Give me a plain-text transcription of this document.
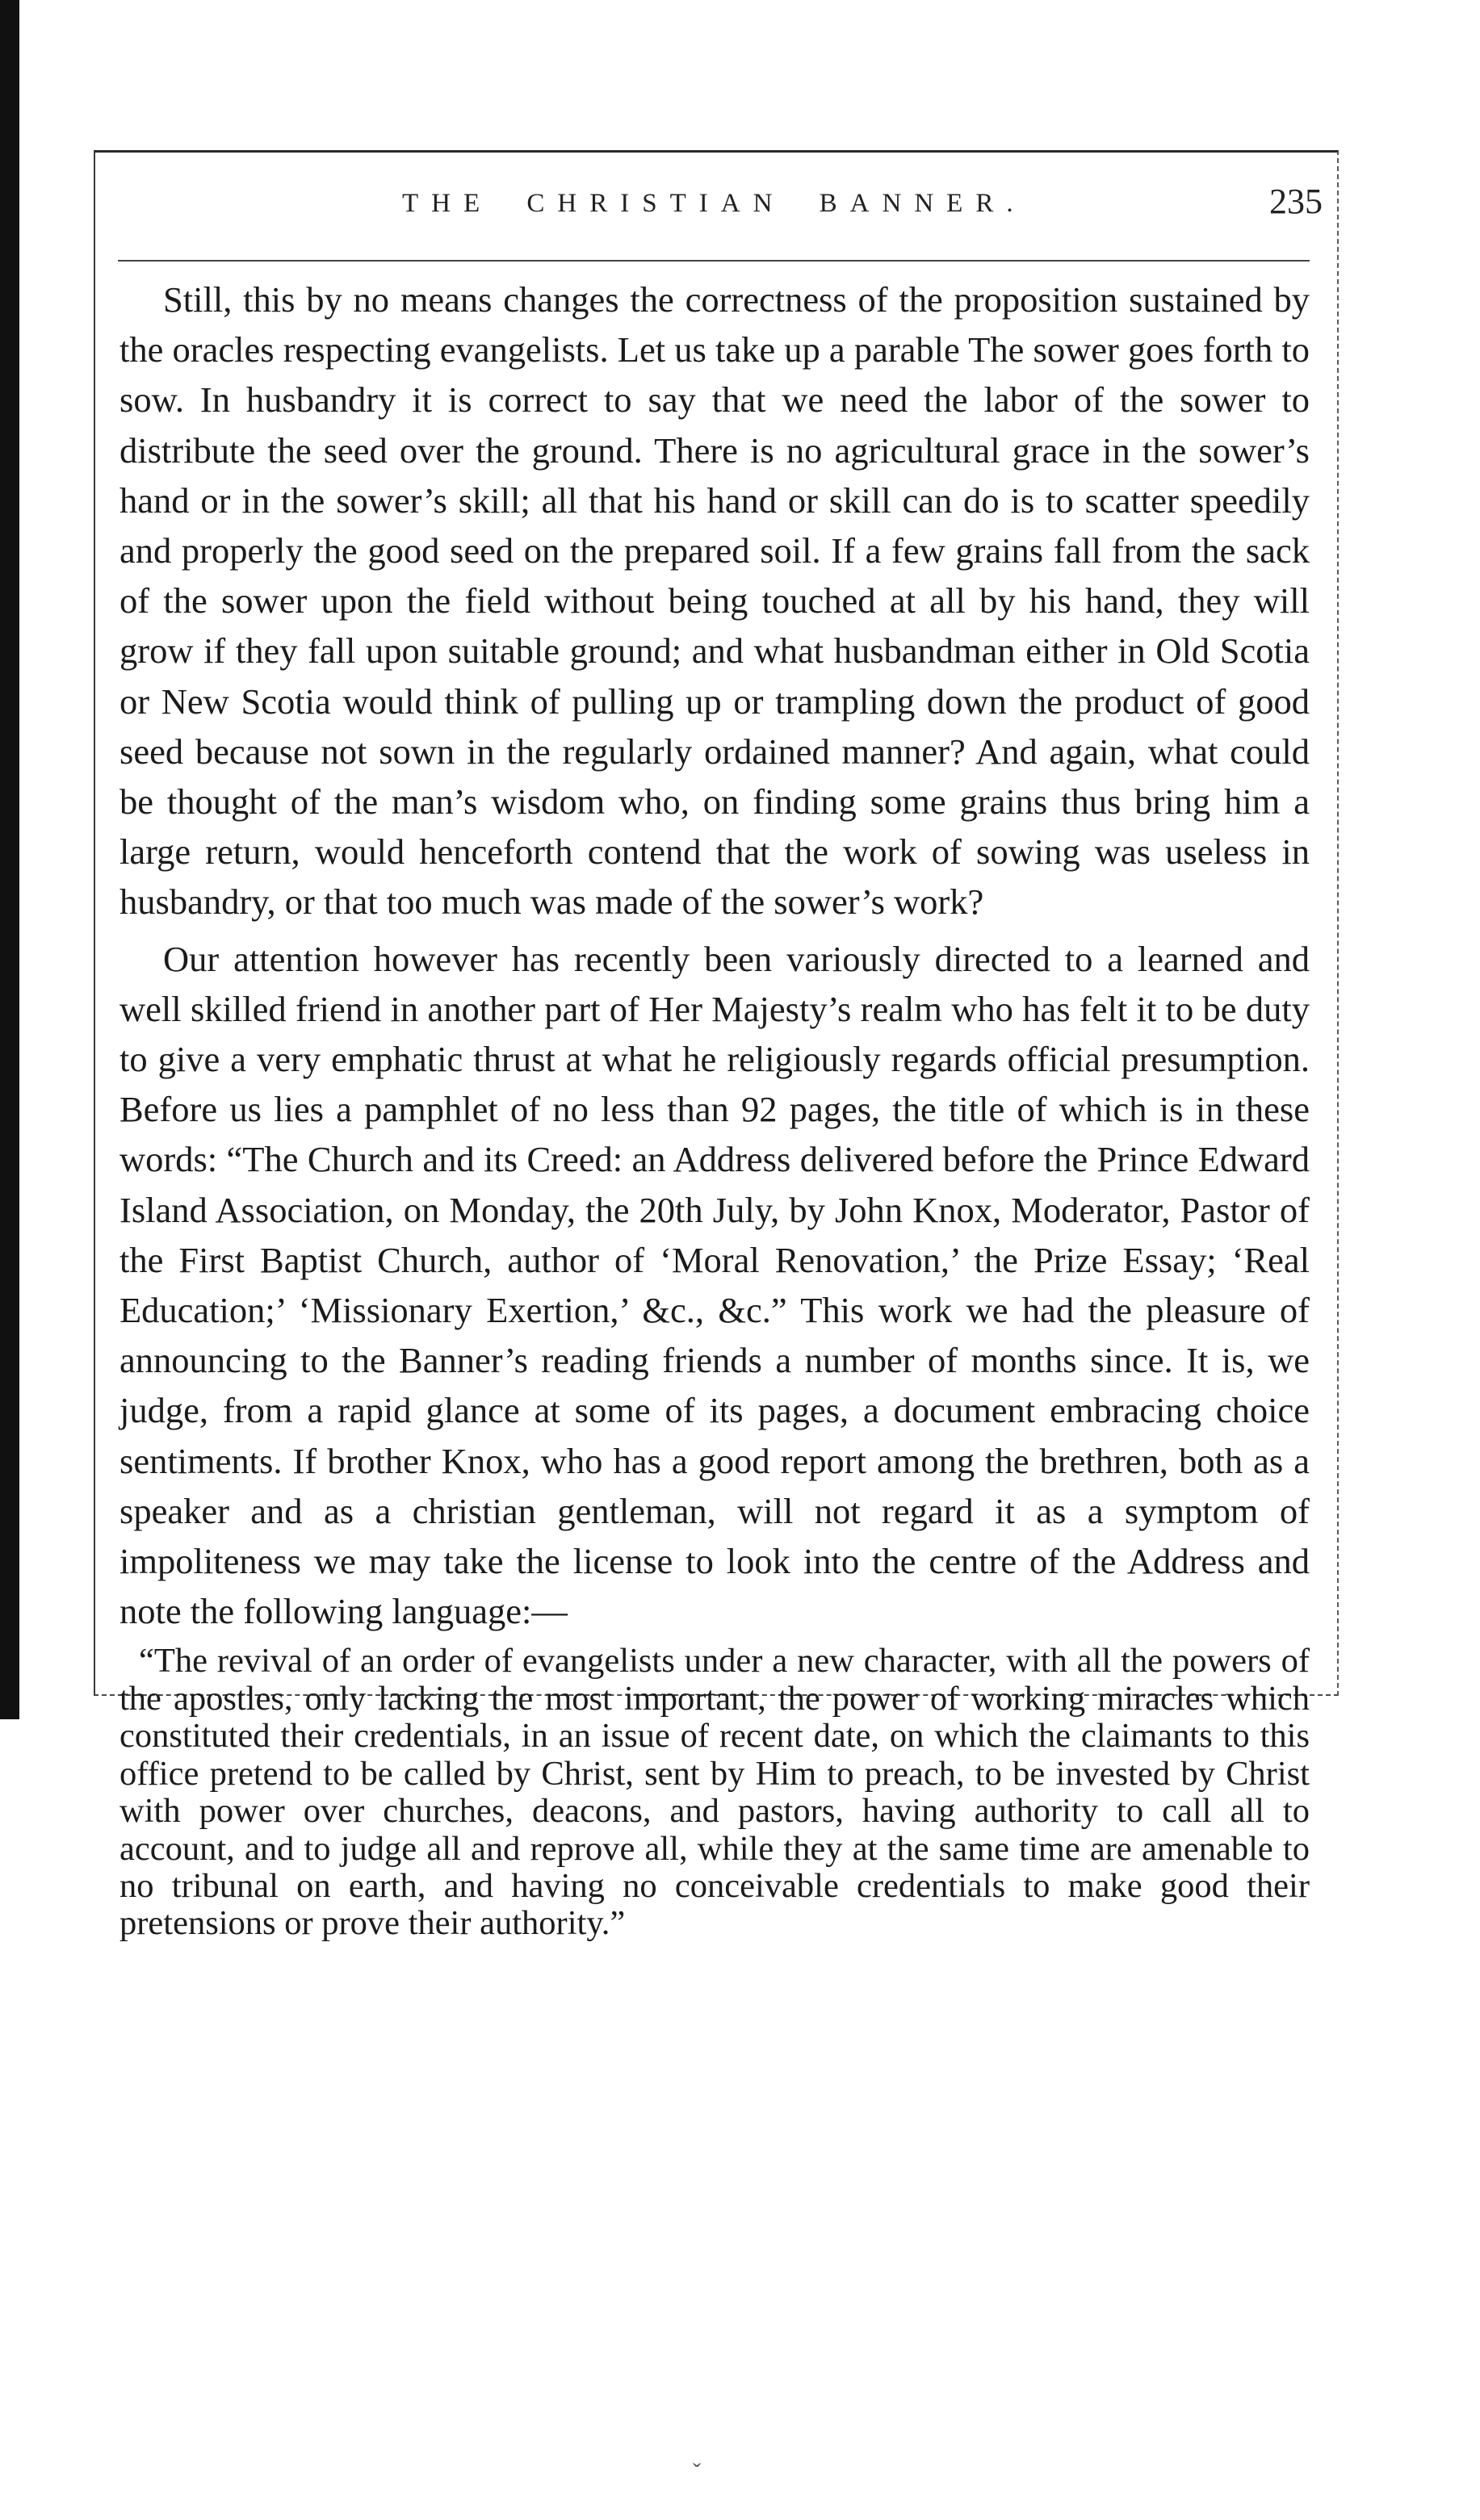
THE CHRISTIAN BANNER.	235

Still, this by no means changes the correctness of the proposition sustained by the oracles respecting evangelists. Let us take up a parable The sower goes forth to sow. In husbandry it is correct to say that we need the labor of the sower to distribute the seed over the ground. There is no agricultural grace in the sower’s hand or in the sower’s skill; all that his hand or skill can do is to scatter speedily and properly the good seed on the prepared soil. If a few grains fall from the sack of the sower upon the field without being touched at all by his hand, they will grow if they fall upon suitable ground; and what husbandman either in Old Scotia or New Scotia would think of pulling up or trampling down the product of good seed because not sown in the regularly ordained manner? And again, what could be thought of the man’s wisdom who, on finding some grains thus bring him a large return, would henceforth contend that the work of sowing was useless in husbandry, or that too much was made of the sower’s work?

Our attention however has recently been variously directed to a learned and well skilled friend in another part of Her Majesty’s realm who has felt it to be duty to give a very emphatic thrust at what he religiously regards official presumption. Before us lies a pamphlet of no less than 92 pages, the title of which is in these words: “The Church and its Creed: an Address delivered before the Prince Edward Island Association, on Monday, the 20th July, by John Knox, Moderator, Pastor of the First Baptist Church, author of ‘Moral Renovation,’ the Prize Essay; ‘Real Education;’ ‘Missionary Exertion,’ &c., &c.” This work we had the pleasure of announcing to the Banner’s reading friends a number of months since. It is, we judge, from a rapid glance at some of its pages, a document embracing choice sentiments. If brother Knox, who has a good report among the brethren, both as a speaker and as a christian gentleman, will not regard it as a symptom of impoliteness we may take the license to look into the centre of the Address and note the following language:—

“The revival of an order of evangelists under a new character, with all the powers of the apostles, only lacking the most important, the power of working miracles which constituted their credentials, in an issue of recent date, on which the claimants to this office pretend to be called by Christ, sent by Him to preach, to be invested by Christ with power over churches, deacons, and pastors, having authority to call all to account, and to judge all and reprove all, while they at the same time are amenable to no tribunal on earth, and having no conceivable credentials to make good their pretensions or prove their authority.”

ˇ
